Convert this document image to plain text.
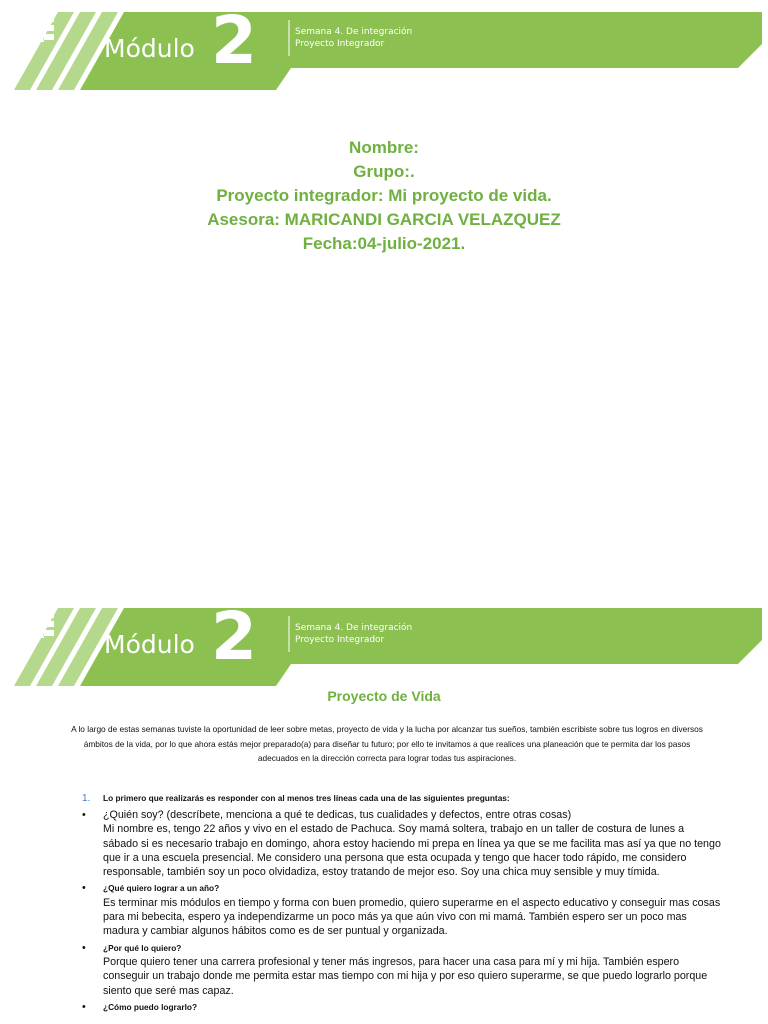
Módulo 2	Semana 4. De integración
Proyecto Integrador
Nombre:
Grupo:.
Proyecto integrador: Mi proyecto de vida.
Asesora: MARICANDI GARCIA VELAZQUEZ
Fecha:04-julio-2021.
Módulo 2	Semana 4. De integración
Proyecto Integrador
Proyecto de Vida
A lo largo de estas semanas tuviste la oportunidad de leer sobre metas, proyecto de vida y la lucha por alcanzar tus sueños, también escribiste sobre tus logros en diversos ámbitos de la vida, por lo que ahora estás mejor preparado(a) para diseñar tu futuro; por ello te invitamos a que realices una planeación que te permita dar los pasos adecuados en la dirección correcta para lograr todas tus aspiraciones.
1. Lo primero que realizarás es responder con al menos tres líneas cada una de las siguientes preguntas:
• ¿Quién soy? (descríbete, menciona a qué te dedicas, tus cualidades y defectos, entre otras cosas)
Mi nombre es, tengo 22 años y vivo en el estado de Pachuca. Soy mamá soltera, trabajo en un taller de costura de lunes a sábado si es necesario trabajo en domingo, ahora estoy haciendo mi prepa en línea ya que se me facilita mas así ya que no tengo que ir a una escuela presencial. Me considero una persona que esta ocupada y tengo que hacer todo rápido, me considero responsable, también soy un poco olvidadiza, estoy tratando de mejor eso. Soy una chica muy sensible y muy tímida.
• ¿Qué quiero lograr a un año?
Es terminar mis módulos en tiempo y forma con buen promedio, quiero superarme en el aspecto educativo y conseguir mas cosas para mi bebecita, espero ya independizarme un poco más ya que aún vivo con mi mamá. También espero ser un poco mas madura y cambiar algunos hábitos como es de ser puntual y organizada.
• ¿Por qué lo quiero?
Porque quiero tener una carrera profesional y tener más ingresos, para hacer una casa para mí y mi hija. También espero conseguir un trabajo donde me permita estar mas tiempo con mi hija y por eso quiero superarme, se que puedo lograrlo porque siento que seré mas capaz.
• ¿Cómo puedo lograrlo?
